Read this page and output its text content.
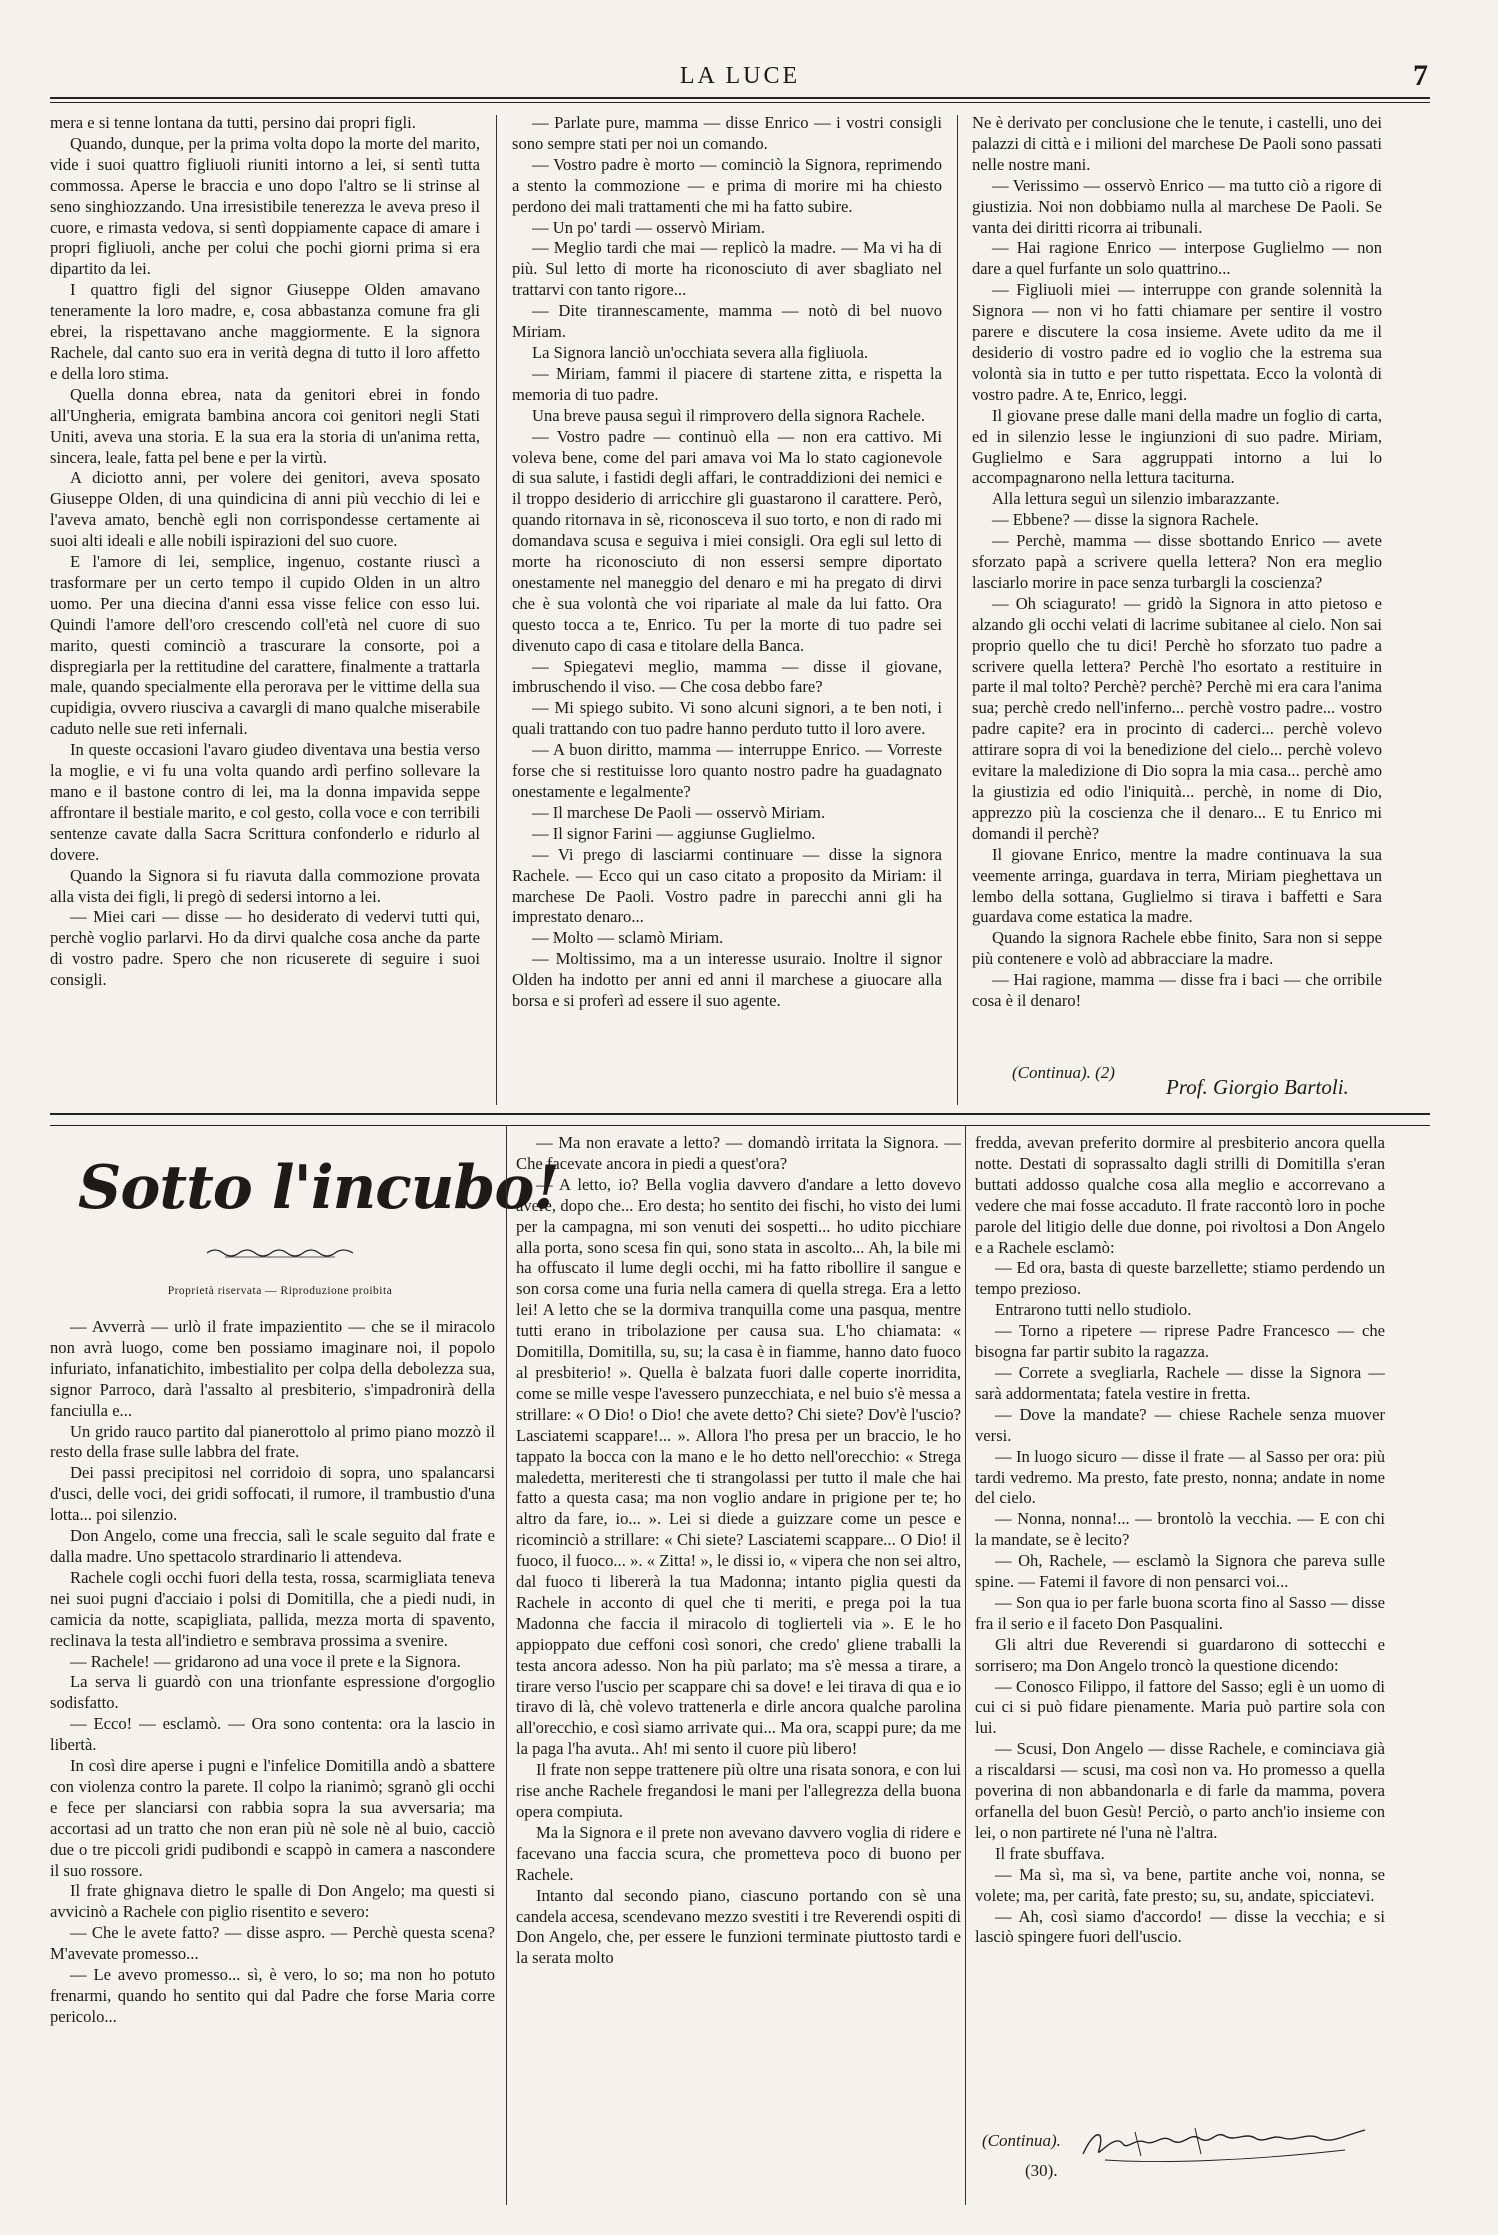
LA LUCE	7

mera e si tenne lontana da tutti, persino dai propri figli.

Quando, dunque, per la prima volta dopo la morte del marito, vide i suoi quattro figliuoli riuniti intorno a lei, si sentì tutta commossa. Aperse le braccia e uno dopo l'altro se li strinse al seno singhiozzando. Una irresistibile tenerezza le aveva preso il cuore, e rimasta vedova, si sentì doppiamente capace di amare i propri figliuoli, anche per colui che pochi giorni prima si era dipartito da lei.

I quattro figli del signor Giuseppe Olden amavano teneramente la loro madre, e, cosa abbastanza comune fra gli ebrei, la rispettavano anche maggiormente. E la signora Rachele, dal canto suo era in verità degna di tutto il loro affetto e della loro stima.

Quella donna ebrea, nata da genitori ebrei in fondo all'Ungheria, emigrata bambina ancora coi genitori negli Stati Uniti, aveva una storia. E la sua era la storia di un'anima retta, sincera, leale, fatta pel bene e per la virtù.

A diciotto anni, per volere dei genitori, aveva sposato Giuseppe Olden, di una quindicina di anni più vecchio di lei e l'aveva amato, benchè egli non corrispondesse certamente ai suoi alti ideali e alle nobili ispirazioni del suo cuore.

E l'amore di lei, semplice, ingenuo, costante riuscì a trasformare per un certo tempo il cupido Olden in un altro uomo. Per una diecina d'anni essa visse felice con esso lui. Quindi l'amore dell'oro crescendo coll'età nel cuore di suo marito, questi cominciò a trascurare la consorte, poi a dispregiarla per la rettitudine del carattere, finalmente a trattarla male, quando specialmente ella perorava per le vittime della sua cupidigia, ovvero riusciva a cavargli di mano qualche miserabile caduto nelle sue reti infernali.

In queste occasioni l'avaro giudeo diventava una bestia verso la moglie, e vi fu una volta quando ardì perfino sollevare la mano e il bastone contro di lei, ma la donna impavida seppe affrontare il bestiale marito, e col gesto, colla voce e con terribili sentenze cavate dalla Sacra Scrittura confonderlo e ridurlo al dovere.

Quando la Signora si fu riavuta dalla commozione provata alla vista dei figli, li pregò di sedersi intorno a lei.

— Miei cari — disse — ho desiderato di vedervi tutti qui, perchè voglio parlarvi. Ho da dirvi qualche cosa anche da parte di vostro padre. Spero che non ricuserete di seguire i suoi consigli.

— Parlate pure, mamma — disse Enrico — i vostri consigli sono sempre stati per noi un comando.

— Vostro padre è morto — cominciò la Signora, reprimendo a stento la commozione — e prima di morire mi ha chiesto perdono dei mali trattamenti che mi ha fatto subire.

— Un po' tardi — osservò Miriam.

— Meglio tardi che mai — replicò la madre. — Ma vi ha di più. Sul letto di morte ha riconosciuto di aver sbagliato nel trattarvi con tanto rigore...

— Dite tirannescamente, mamma — notò di bel nuovo Miriam.

La Signora lanciò un'occhiata severa alla figliuola.

— Miriam, fammi il piacere di startene zitta, e rispetta la memoria di tuo padre.

Una breve pausa seguì il rimprovero della signora Rachele.

— Vostro padre — continuò ella — non era cattivo. Mi voleva bene, come del pari amava voi Ma lo stato cagionevole di sua salute, i fastidi degli affari, le contraddizioni dei nemici e il troppo desiderio di arricchire gli guastarono il carattere. Però, quando ritornava in sè, riconosceva il suo torto, e non di rado mi domandava scusa e seguiva i miei consigli. Ora egli sul letto di morte ha riconosciuto di non essersi sempre diportato onestamente nel maneggio del denaro e mi ha pregato di dirvi che è sua volontà che voi ripariate al male da lui fatto. Ora questo tocca a te, Enrico. Tu per la morte di tuo padre sei divenuto capo di casa e titolare della Banca.

— Spiegatevi meglio, mamma — disse il giovane, imbruschendo il viso. — Che cosa debbo fare?

— Mi spiego subito. Vi sono alcuni signori, a te ben noti, i quali trattando con tuo padre hanno perduto tutto il loro avere.

— A buon diritto, mamma — interruppe Enrico. — Vorreste forse che si restituisse loro quanto nostro padre ha guadagnato onestamente e legalmente?

— Il marchese De Paoli — osservò Miriam.

— Il signor Farini — aggiunse Guglielmo.

— Vi prego di lasciarmi continuare — disse la signora Rachele. — Ecco qui un caso citato a proposito da Miriam: il marchese De Paoli. Vostro padre in parecchi anni gli ha imprestato denaro...

— Molto — sclamò Miriam.

— Moltissimo, ma a un interesse usuraio. Inoltre il signor Olden ha indotto per anni ed anni il marchese a giuocare alla borsa e si proferì ad essere il suo agente.

Ne è derivato per conclusione che le tenute, i castelli, uno dei palazzi di città e i milioni del marchese De Paoli sono passati nelle nostre mani.

— Verissimo — osservò Enrico — ma tutto ciò a rigore di giustizia. Noi non dobbiamo nulla al marchese De Paoli. Se vanta dei diritti ricorra ai tribunali.

— Hai ragione Enrico — interpose Guglielmo — non dare a quel furfante un solo quattrino...

— Figliuoli miei — interruppe con grande solennità la Signora — non vi ho fatti chiamare per sentire il vostro parere e discutere la cosa insieme. Avete udito da me il desiderio di vostro padre ed io voglio che la estrema sua volontà sia in tutto e per tutto rispettata. Ecco la volontà di vostro padre. A te, Enrico, leggi.

Il giovane prese dalle mani della madre un foglio di carta, ed in silenzio lesse le ingiunzioni di suo padre. Miriam, Guglielmo e Sara aggruppati intorno a lui lo accompagnarono nella lettura taciturna.

Alla lettura seguì un silenzio imbarazzante.

— Ebbene? — disse la signora Rachele.

— Perchè, mamma — disse sbottando Enrico — avete sforzato papà a scrivere quella lettera? Non era meglio lasciarlo morire in pace senza turbargli la coscienza?

— Oh sciagurato! — gridò la Signora in atto pietoso e alzando gli occhi velati di lacrime subitanee al cielo. Non sai proprio quello che tu dici! Perchè ho sforzato tuo padre a scrivere quella lettera? Perchè l'ho esortato a restituire in parte il mal tolto? Perchè? perchè? Perchè mi era cara l'anima sua; perchè credo nell'inferno... perchè vostro padre... vostro padre capite? era in procinto di caderci... perchè volevo attirare sopra di voi la benedizione del cielo... perchè volevo evitare la maledizione di Dio sopra la mia casa... perchè amo la giustizia ed odio l'iniquità... perchè, in nome di Dio, apprezzo più la coscienza che il denaro... E tu Enrico mi domandi il perchè?

Il giovane Enrico, mentre la madre continuava la sua veemente arringa, guardava in terra, Miriam pieghettava un lembo della sottana, Guglielmo si tirava i baffetti e Sara guardava come estatica la madre.

Quando la signora Rachele ebbe finito, Sara non si seppe più contenere e volò ad abbracciare la madre.

— Hai ragione, mamma — disse fra i baci — che orribile cosa è il denaro!

(Continua). (2)
Prof. Giorgio Bartoli.
Sotto l'incubo!
Proprietà riservata — Riproduzione proibita

— Avverrà — urlò il frate impazientito — che se il miracolo non avrà luogo, come ben possiamo imaginare noi, il popolo infuriato, infanatichito, imbestialito per colpa della debolezza sua, signor Parroco, darà l'assalto al presbiterio, s'impadronirà della fanciulla e...

Un grido rauco partito dal pianerottolo al primo piano mozzò il resto della frase sulle labbra del frate.

Dei passi precipitosi nel corridoio di sopra, uno spalancarsi d'usci, delle voci, dei gridi soffocati, il rumore, il trambustio d'una lotta... poi silenzio.

Don Angelo, come una freccia, salì le scale seguito dal frate e dalla madre. Uno spettacolo strardinario li attendeva.

Rachele cogli occhi fuori della testa, rossa, scarmigliata teneva nei suoi pugni d'acciaio i polsi di Domitilla, che a piedi nudi, in camicia da notte, scapigliata, pallida, mezza morta di spavento, reclinava la testa all'indietro e sembrava prossima a svenire.

— Rachele! — gridarono ad una voce il prete e la Signora.

La serva li guardò con una trionfante espressione d'orgoglio sodisfatto.

— Ecco! — esclamò. — Ora sono contenta: ora la lascio in libertà.

In così dire aperse i pugni e l'infelice Domitilla andò a sbattere con violenza contro la parete. Il colpo la rianimò; sgranò gli occhi e fece per slanciarsi con rabbia sopra la sua avversaria; ma accortasi ad un tratto che non eran più nè sole nè al buio, cacciò due o tre piccoli gridi pudibondi e scappò in camera a nascondere il suo rossore.

Il frate ghignava dietro le spalle di Don Angelo; ma questi si avvicinò a Rachele con piglio risentito e severo:

— Che le avete fatto? — disse aspro. — Perchè questa scena? M'avevate promesso...

— Le avevo promesso... sì, è vero, lo so; ma non ho potuto frenarmi, quando ho sentito qui dal Padre che forse Maria corre pericolo...

— Ma non eravate a letto? — domandò irritata la Signora. — Che facevate ancora in piedi a quest'ora?

— A letto, io? Bella voglia davvero d'andare a letto dovevo avere, dopo che... Ero desta; ho sentito dei fischi, ho visto dei lumi per la campagna, mi son venuti dei sospetti... ho udito picchiare alla porta, sono scesa fin qui, sono stata in ascolto... Ah, la bile mi ha offuscato il lume degli occhi, mi ha fatto ribollire il sangue e son corsa come una furia nella camera di quella strega. Era a letto lei! A letto che se la dormiva tranquilla come una pasqua, mentre tutti erano in tribolazione per causa sua. L'ho chiamata: « Domitilla, Domitilla, su, su; la casa è in fiamme, hanno dato fuoco al presbiterio! ». Quella è balzata fuori dalle coperte inorridita, come se mille vespe l'avessero punzecchiata, e nel buio s'è messa a strillare: « O Dio! o Dio! che avete detto? Chi siete? Dov'è l'uscio? Lasciatemi scappare!... ». Allora l'ho presa per un braccio, le ho tappato la bocca con la mano e le ho detto nell'orecchio: « Strega maledetta, meriteresti che ti strangolassi per tutto il male che hai fatto a questa casa; ma non voglio andare in prigione per te; ho altro da fare, io... ». Lei si diede a guizzare come un pesce e ricominciò a strillare: « Chi siete? Lasciatemi scappare... O Dio! il fuoco, il fuoco... ». « Zitta! », le dissi io, « vipera che non sei altro, dal fuoco ti libererà la tua Madonna; intanto piglia questi da Rachele in acconto di quel che ti meriti, e prega poi la tua Madonna che faccia il miracolo di toglierteli via ». E le ho appioppato due ceffoni così sonori, che credo' gliene traballi la testa ancora adesso. Non ha più parlato; ma s'è messa a tirare, a tirare verso l'uscio per scappare chi sa dove! e lei tirava di qua e io tiravo di là, chè volevo trattenerla e dirle ancora qualche parolina all'orecchio, e così siamo arrivate qui... Ma ora, scappi pure; da me la paga l'ha avuta.. Ah! mi sento il cuore più libero!

Il frate non seppe trattenere più oltre una risata sonora, e con lui rise anche Rachele fregandosi le mani per l'allegrezza della buona opera compiuta.

Ma la Signora e il prete non avevano davvero voglia di ridere e facevano una faccia scura, che prometteva poco di buono per Rachele.

Intanto dal secondo piano, ciascuno portando con sè una candela accesa, scendevano mezzo svestiti i tre Reverendi ospiti di Don Angelo, che, per essere le funzioni terminate piuttosto tardi e la serata molto

fredda, avevan preferito dormire al presbiterio ancora quella notte. Destati di soprassalto dagli strilli di Domitilla s'eran buttati addosso qualche cosa alla meglio e accorrevano a vedere che mai fosse accaduto. Il frate raccontò loro in poche parole del litigio delle due donne, poi rivoltosi a Don Angelo e a Rachele esclamò:

— Ed ora, basta di queste barzellette; stiamo perdendo un tempo prezioso.

Entrarono tutti nello studiolo.

— Torno a ripetere — riprese Padre Francesco — che bisogna far partir subito la ragazza.

— Correte a svegliarla, Rachele — disse la Signora — sarà addormentata; fatela vestire in fretta.

— Dove la mandate? — chiese Rachele senza muover versi.

— In luogo sicuro — disse il frate — al Sasso per ora: più tardi vedremo. Ma presto, fate presto, nonna; andate in nome del cielo.

— Nonna, nonna!... — brontolò la vecchia. — E con chi la mandate, se è lecito?

— Oh, Rachele, — esclamò la Signora che pareva sulle spine. — Fatemi il favore di non pensarci voi...

— Son qua io per farle buona scorta fino al Sasso — disse fra il serio e il faceto Don Pasqualini.

Gli altri due Reverendi si guardarono di sottecchi e sorrisero; ma Don Angelo troncò la questione dicendo:

— Conosco Filippo, il fattore del Sasso; egli è un uomo di cui ci si può fidare pienamente. Maria può partire sola con lui.

— Scusi, Don Angelo — disse Rachele, e cominciava già a riscaldarsi — scusi, ma così non va. Ho promesso a quella poverina di non abbandonarla e di farle da mamma, povera orfanella del buon Gesù! Perciò, o parto anch'io insieme con lei, o non partirete né l'una nè l'altra.

Il frate sbuffava.

— Ma sì, ma sì, va bene, partite anche voi, nonna, se volete; ma, per carità, fate presto; su, su, andate, spicciatevi.

— Ah, così siamo d'accordo! — disse la vecchia; e si lasciò spingere fuori dell'uscio.

(Continua).
(30).
